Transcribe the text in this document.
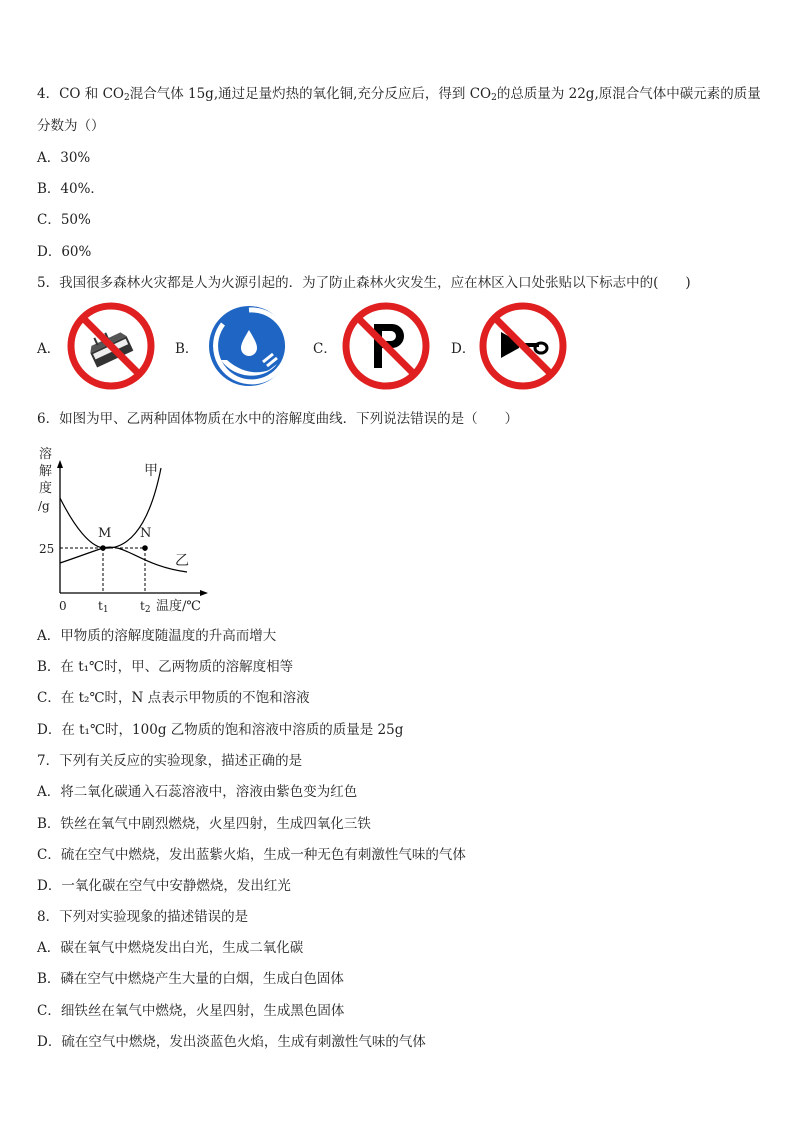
4．CO 和 $CO_2$混合气体 15g,通过足量灼热的氧化铜,充分反应后，得到 $CO_2$的总质量为 22g,原混合气体中碳元素的质量
分数为（）
A．30%
B．40%．
C．50%
D．60%
5．我国很多森林火灾都是人为火源引起的．为了防止森林火灾发生，应在林区入口处张贴以下标志中的(　　)
A．	B．	C．	D．
6．如图为甲、乙两种固体物质在水中的溶解度曲线．下列说法错误的是（　　）
溶
解
度
/g
M N
甲
乙
25
0	t1	t2 温度/℃
A．甲物质的溶解度随温度的升高而增大
B．在 t₁℃时，甲、乙两物质的溶解度相等
C．在 t₂℃时，N 点表示甲物质的不饱和溶液
D．在 t₁℃时，100g 乙物质的饱和溶液中溶质的质量是 25g
7．下列有关反应的实验现象，描述正确的是
A．将二氧化碳通入石蕊溶液中，溶液由紫色变为红色
B．铁丝在氧气中剧烈燃烧，火星四射，生成四氧化三铁
C．硫在空气中燃烧，发出蓝紫火焰，生成一种无色有刺激性气味的气体
D．一氧化碳在空气中安静燃烧，发出红光
8．下列对实验现象的描述错误的是
A．碳在氧气中燃烧发出白光，生成二氧化碳
B．磷在空气中燃烧产生大量的白烟，生成白色固体
C．细铁丝在氧气中燃烧，火星四射，生成黑色固体
D．硫在空气中燃烧，发出淡蓝色火焰，生成有刺激性气味的气体
